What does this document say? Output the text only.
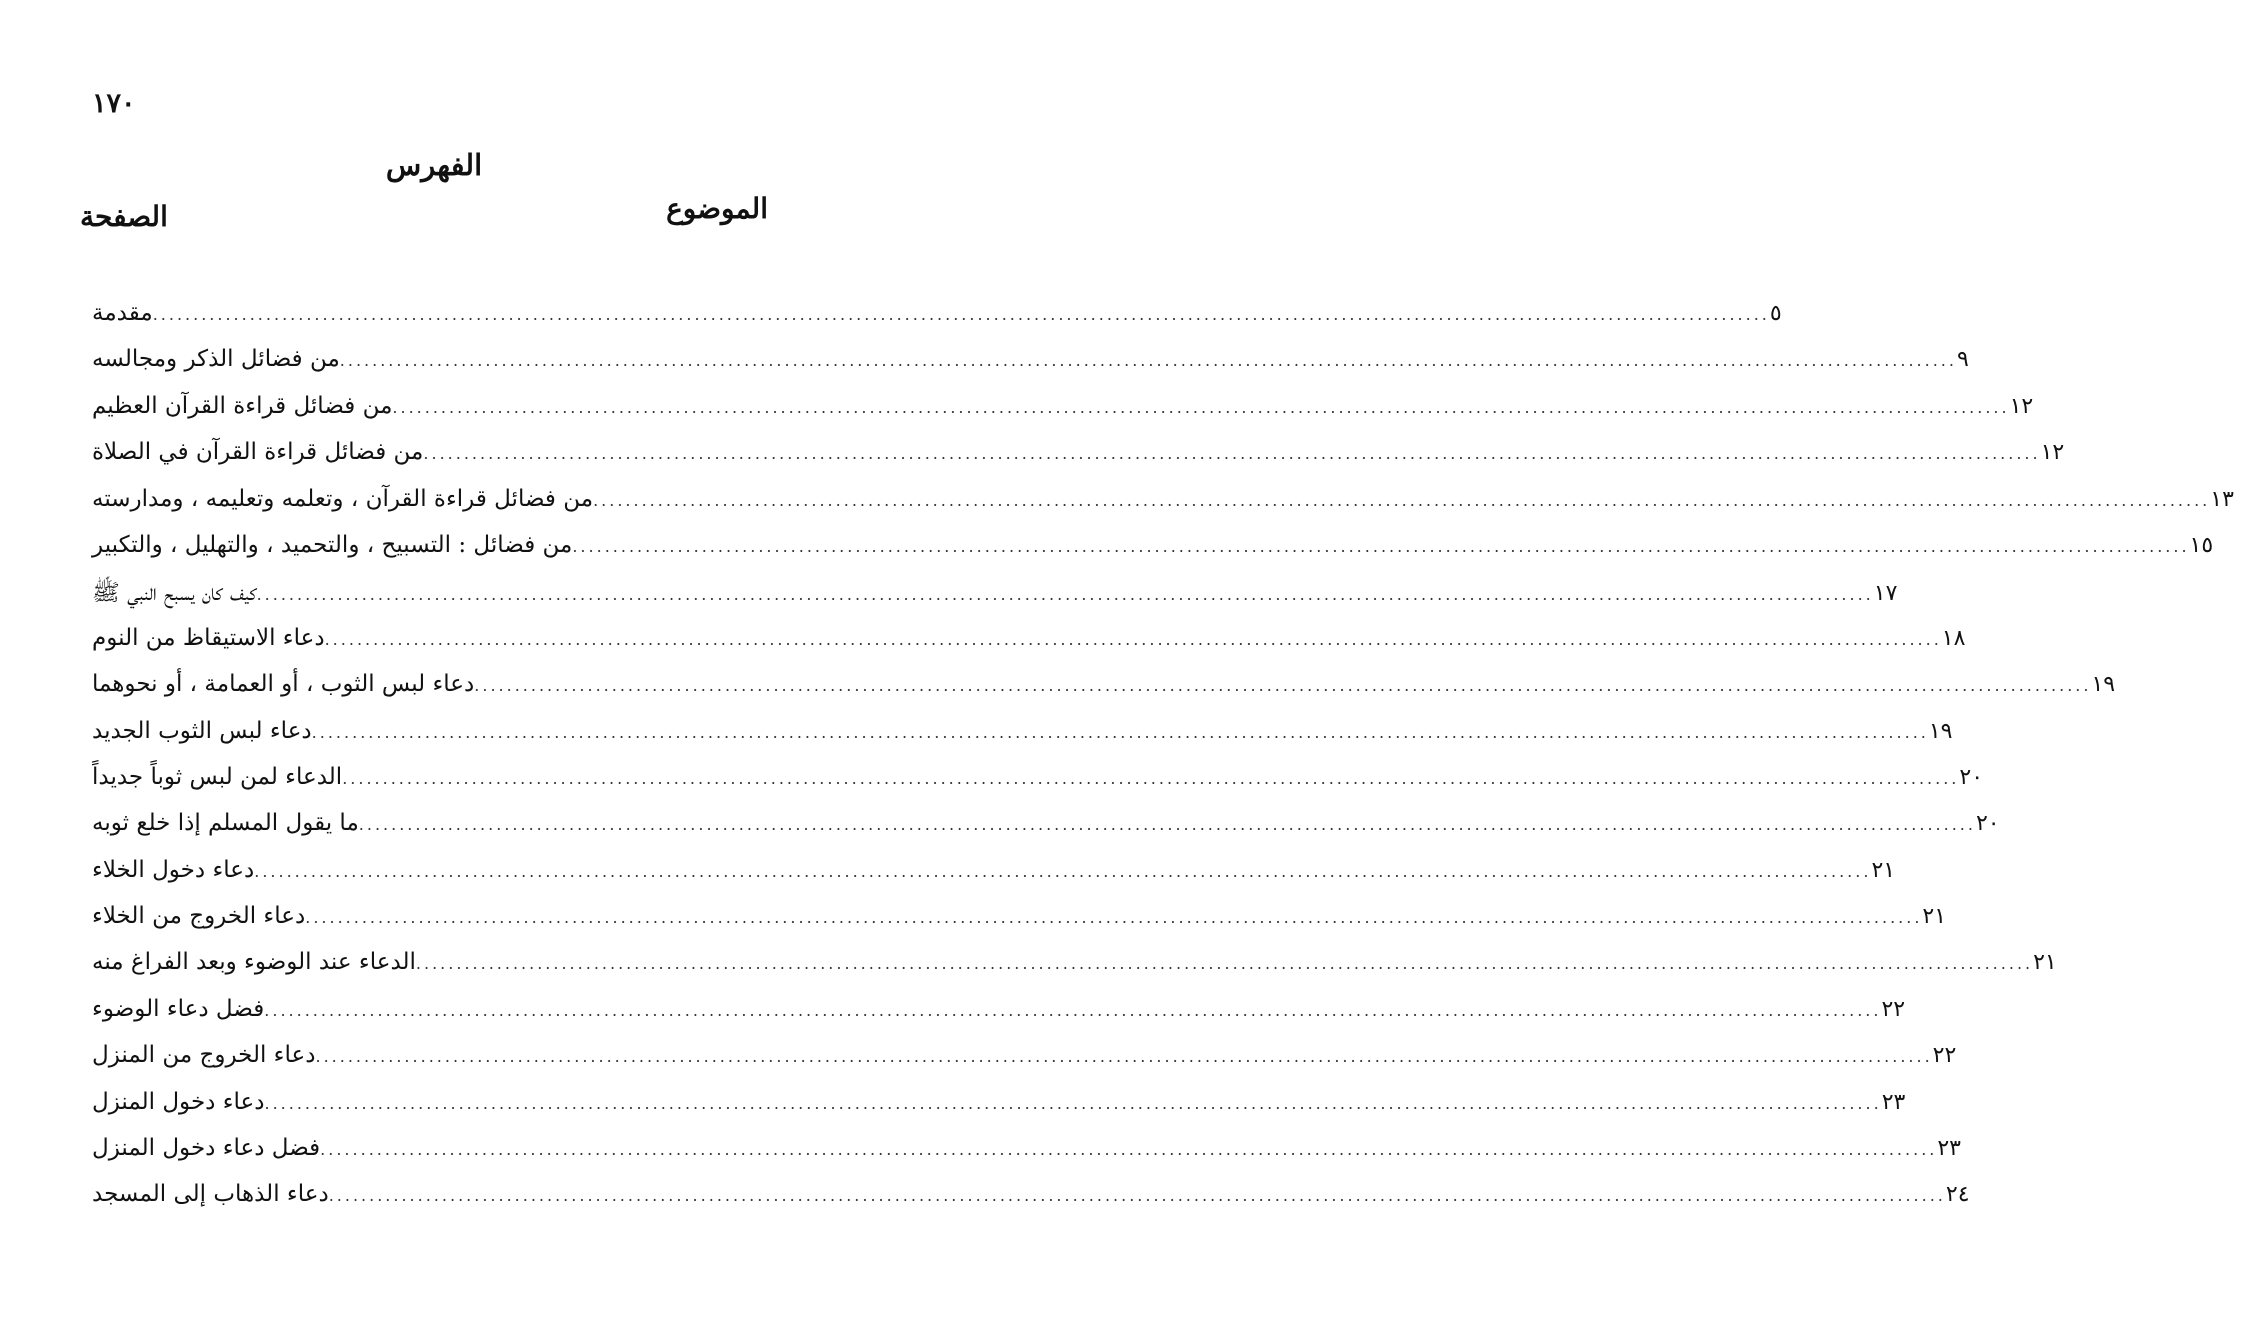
١٧٠
الفهرس
الموضوع
الصفحة
مقدمة ........................................................................................................................................................................................................ ٥
من فضائل الذكر ومجالسه ........................................................................................................................................................................................................ ٩
من فضائل قراءة القرآن العظيم ........................................................................................................................................................................................................ ١٢
من فضائل قراءة القرآن في الصلاة ........................................................................................................................................................................................................ ١٢
من فضائل قراءة القرآن ، وتعلمه وتعليمه ، ومدارسته ........................................................................................................................................................................................................ ١٣
من فضائل : التسبيح ، والتحميد ، والتهليل ، والتكبير ........................................................................................................................................................................................................ ١٥
كيف كان يسبح النبي ﷺ ........................................................................................................................................................................................................ ١٧
دعاء الاستيقاظ من النوم ........................................................................................................................................................................................................ ١٨
دعاء لبس الثوب ، أو العمامة ، أو نحوهما ........................................................................................................................................................................................................ ١٩
دعاء لبس الثوب الجديد ........................................................................................................................................................................................................ ١٩
الدعاء لمن لبس ثوباً جديداً ........................................................................................................................................................................................................ ٢٠
ما يقول المسلم إذا خلع ثوبه ........................................................................................................................................................................................................ ٢٠
دعاء دخول الخلاء ........................................................................................................................................................................................................ ٢١
دعاء الخروج من الخلاء ........................................................................................................................................................................................................ ٢١
الدعاء عند الوضوء وبعد الفراغ منه ........................................................................................................................................................................................................ ٢١
فضل دعاء الوضوء ........................................................................................................................................................................................................ ٢٢
دعاء الخروج من المنزل ........................................................................................................................................................................................................ ٢٢
دعاء دخول المنزل ........................................................................................................................................................................................................ ٢٣
فضل دعاء دخول المنزل ........................................................................................................................................................................................................ ٢٣
دعاء الذهاب إلى المسجد ........................................................................................................................................................................................................ ٢٤
